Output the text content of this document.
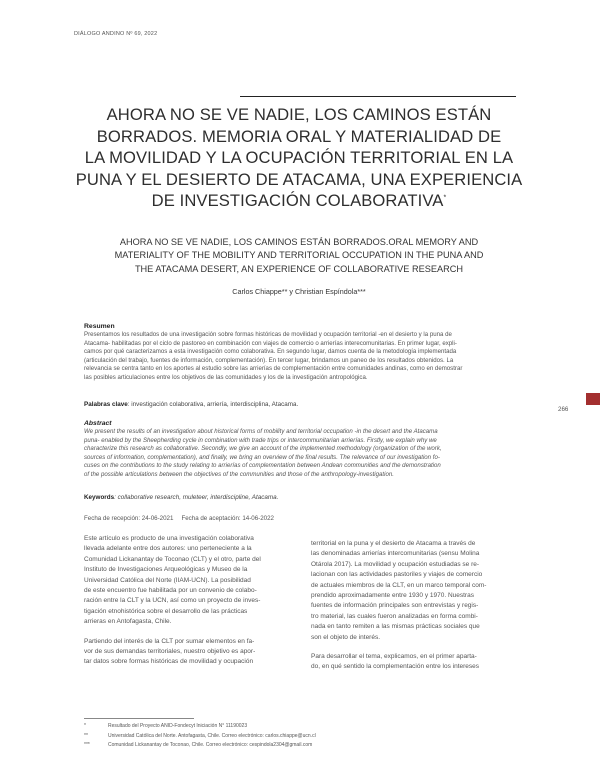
DIÁLOGO ANDINO Nº 69, 2022
AHORA NO SE VE NADIE, LOS CAMINOS ESTÁN
BORRADOS. MEMORIA ORAL Y MATERIALIDAD DE
LA MOVILIDAD Y LA OCUPACIÓN TERRITORIAL EN LA
PUNA Y EL DESIERTO DE ATACAMA, UNA EXPERIENCIA
DE INVESTIGACIÓN COLABORATIVA*
AHORA NO SE VE NADIE, LOS CAMINOS ESTÁN BORRADOS.ORAL MEMORY AND
MATERIALITY OF THE MOBILITY AND TERRITORIAL OCCUPATION IN THE PUNA AND
THE ATACAMA DESERT, AN EXPERIENCE OF COLLABORATIVE RESEARCH
Carlos Chiappe** y Christian Espíndola***
Resumen
Presentamos los resultados de una investigación sobre formas históricas de movilidad y ocupación territorial -en el desierto y la puna de
Atacama- habilitadas por el ciclo de pastoreo en combinación con viajes de comercio o arrierías interecomunitarias. En primer lugar, expli-
camos por qué caracterizamos a esta investigación como colaborativa. En segundo lugar, damos cuenta de la metodología implementada
(articulación del trabajo, fuentes de información, complementación). En tercer lugar, brindamos un paneo de los resultados obtenidos. La
relevancia se centra tanto en los aportes al estudio sobre las arrierías de complementación entre comunidades andinas, como en demostrar
las posibles articulaciones entre los objetivos de las comunidades y los de la investigación antropológica.
Palabras clave: investigación colaborativa, arriería, interdisciplina, Atacama.
Abstract
We present the results of an investigation about historical forms of mobility and territorial occupation -in the desert and the Atacama
puna- enabled by the Sheepherding cycle in combination with trade trips or intercommunitarian arrierías. Firstly, we explain why we
characterize this research as collaborative. Secondly, we give an account of the implemented methodology (organization of the work,
sources of information, complementation), and finally, we bring an overview of the final results. The relevance of our investigation fo-
cuses on the contributions to the study relating to arrierías of complementation between Andean communities and the demonstration
of the possible articulations between the objectives of the communities and those of the anthropology-investigation.
Keywords: collaborative research, muleteer, interdiscipline, Atacama.
Fecha de recepción: 24-06-2021 Fecha de aceptación: 14-06-2022

Este artículo es producto de una investigación colaborativa
llevada adelante entre dos autores: uno perteneciente a la
Comunidad Lickanantay de Toconao (CLT) y el otro, parte del
Instituto de Investigaciones Arqueológicas y Museo de la
Universidad Católica del Norte (IIAM-UCN). La posibilidad
de este encuentro fue habilitada por un convenio de colabo-
ración entre la CLT y la UCN, así como un proyecto de inves-
tigación etnohistórica sobre el desarrollo de las prácticas
arrieras en Antofagasta, Chile.

Partiendo del interés de la CLT por sumar elementos en fa-
vor de sus demandas territoriales, nuestro objetivo es apor-
tar datos sobre formas históricas de movilidad y ocupación

territorial en la puna y el desierto de Atacama a través de
las denominadas arrierías intercomunitarias (sensu Molina
Otárola 2017). La movilidad y ocupación estudiadas se re-
lacionan con las actividades pastoriles y viajes de comercio
de actuales miembros de la CLT, en un marco temporal com-
prendido aproximadamente entre 1930 y 1970. Nuestras
fuentes de información principales son entrevistas y regis-
tro material, las cuales fueron analizadas en forma combi-
nada en tanto remiten a las mismas prácticas sociales que
son el objeto de interés.

Para desarrollar el tema, explicamos, en el primer aparta-
do, en qué sentido la complementación entre los intereses

266
*	Resultado del Proyecto ANID-Fondecyt Iniciación N° 11190023
**	Universidad Católica del Norte. Antofagasta, Chile. Correo electrónico: carlos.chiappe@ucn.cl
***	Comunidad Lickanantay de Toconao, Chile. Correo electrónico: cespindola2304@gmail.com
